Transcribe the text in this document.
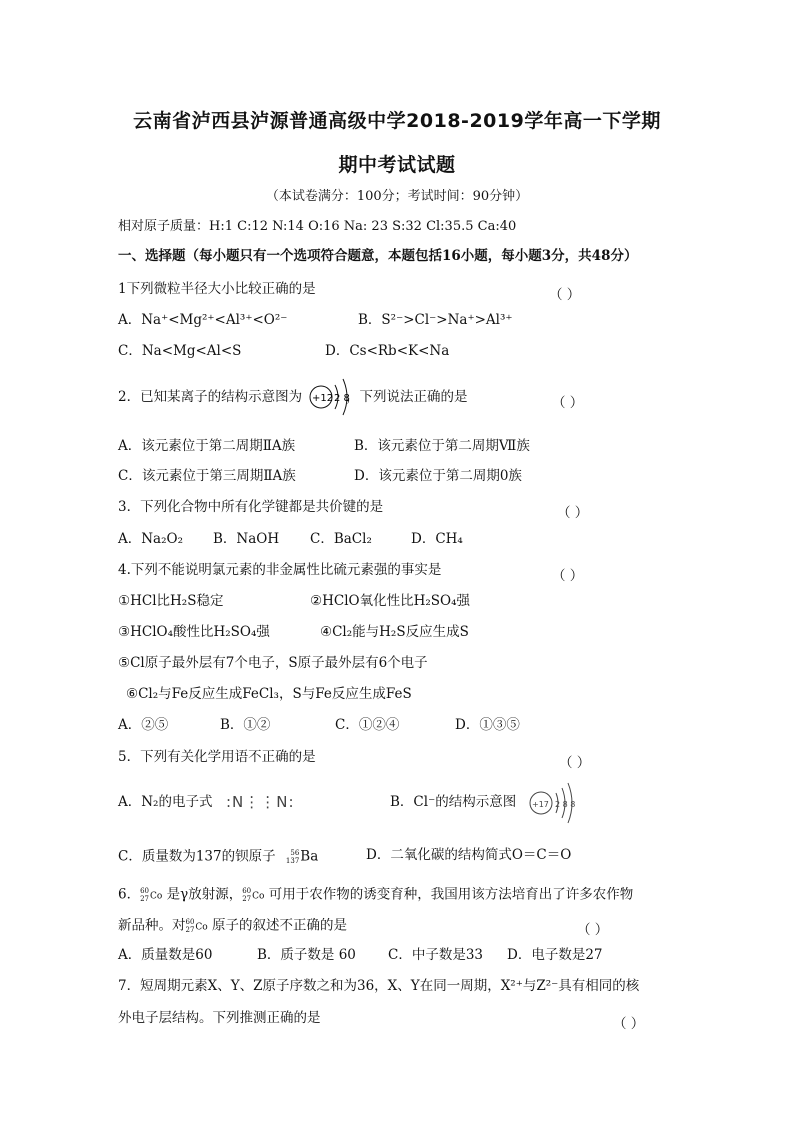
云南省泸西县泸源普通高级中学2018-2019学年高一下学期
期中考试试题
（本试卷满分：100分；考试时间：90分钟）
相对原子质量：H:1 C:12 N:14 O:16 Na: 23 S:32 Cl:35.5 Ca:40
一、选择题（每小题只有一个选项符合题意，本题包括16小题，每小题3分，共48分）
1下列微粒半径大小比较正确的是	（ ）
A．Na⁺<Mg²⁺<Al³⁺<O²⁻	B．S²⁻>Cl⁻>Na⁺>Al³⁺
C．Na<Mg<Al<S	D．Cs<Rb<K<Na
2．已知某离子的结构示意图为 +12 2 8
，下列说法正确的是	（ ）
A．该元素位于第二周期ⅡA族	B．该元素位于第二周期Ⅶ族
C．该元素位于第三周期ⅡA族	D．该元素位于第二周期0族
3．下列化合物中所有化学键都是共价键的是	（ ）
A．Na₂O₂ B．NaOH C．BaCl₂	D．CH₄
4.下列不能说明氯元素的非金属性比硫元素强的事实是	（ ）
①HCl比H₂S稳定	②HClO氧化性比H₂SO₄强
③HClO₄酸性比H₂SO₄强	④Cl₂能与H₂S反应生成S
⑤Cl原子最外层有7个电子，S原子最外层有6个电子
⑥Cl₂与Fe反应生成FeCl₃，S与Fe反应生成FeS
A．②⑤	B．①②	C．①②④	D．①③⑤
5．下列有关化学用语不正确的是	（ ）
A．N₂的电子式 :N⋮⋮N:	B．Cl⁻的结构示意图 +17 2 8 8
C．质量数为137的钡原子	56
137 Ba	D．二氧化碳的结构简式O＝C＝O
6． 60
27 Co 是γ放射源， 60
27 Co 可用于农作物的诱变育种，我国用该方法培育出了许多农作物
新品种。对 60
27 Co 原子的叙述不正确的是	（ ）
A．质量数是60	B．质子数是 60 C．中子数是33 D．电子数是27
7．短周期元素X、Y、Z原子序数之和为36，X、Y在同一周期，X²⁺与Z²⁻具有相同的核
外电子层结构。下列推测正确的是	（ ）
